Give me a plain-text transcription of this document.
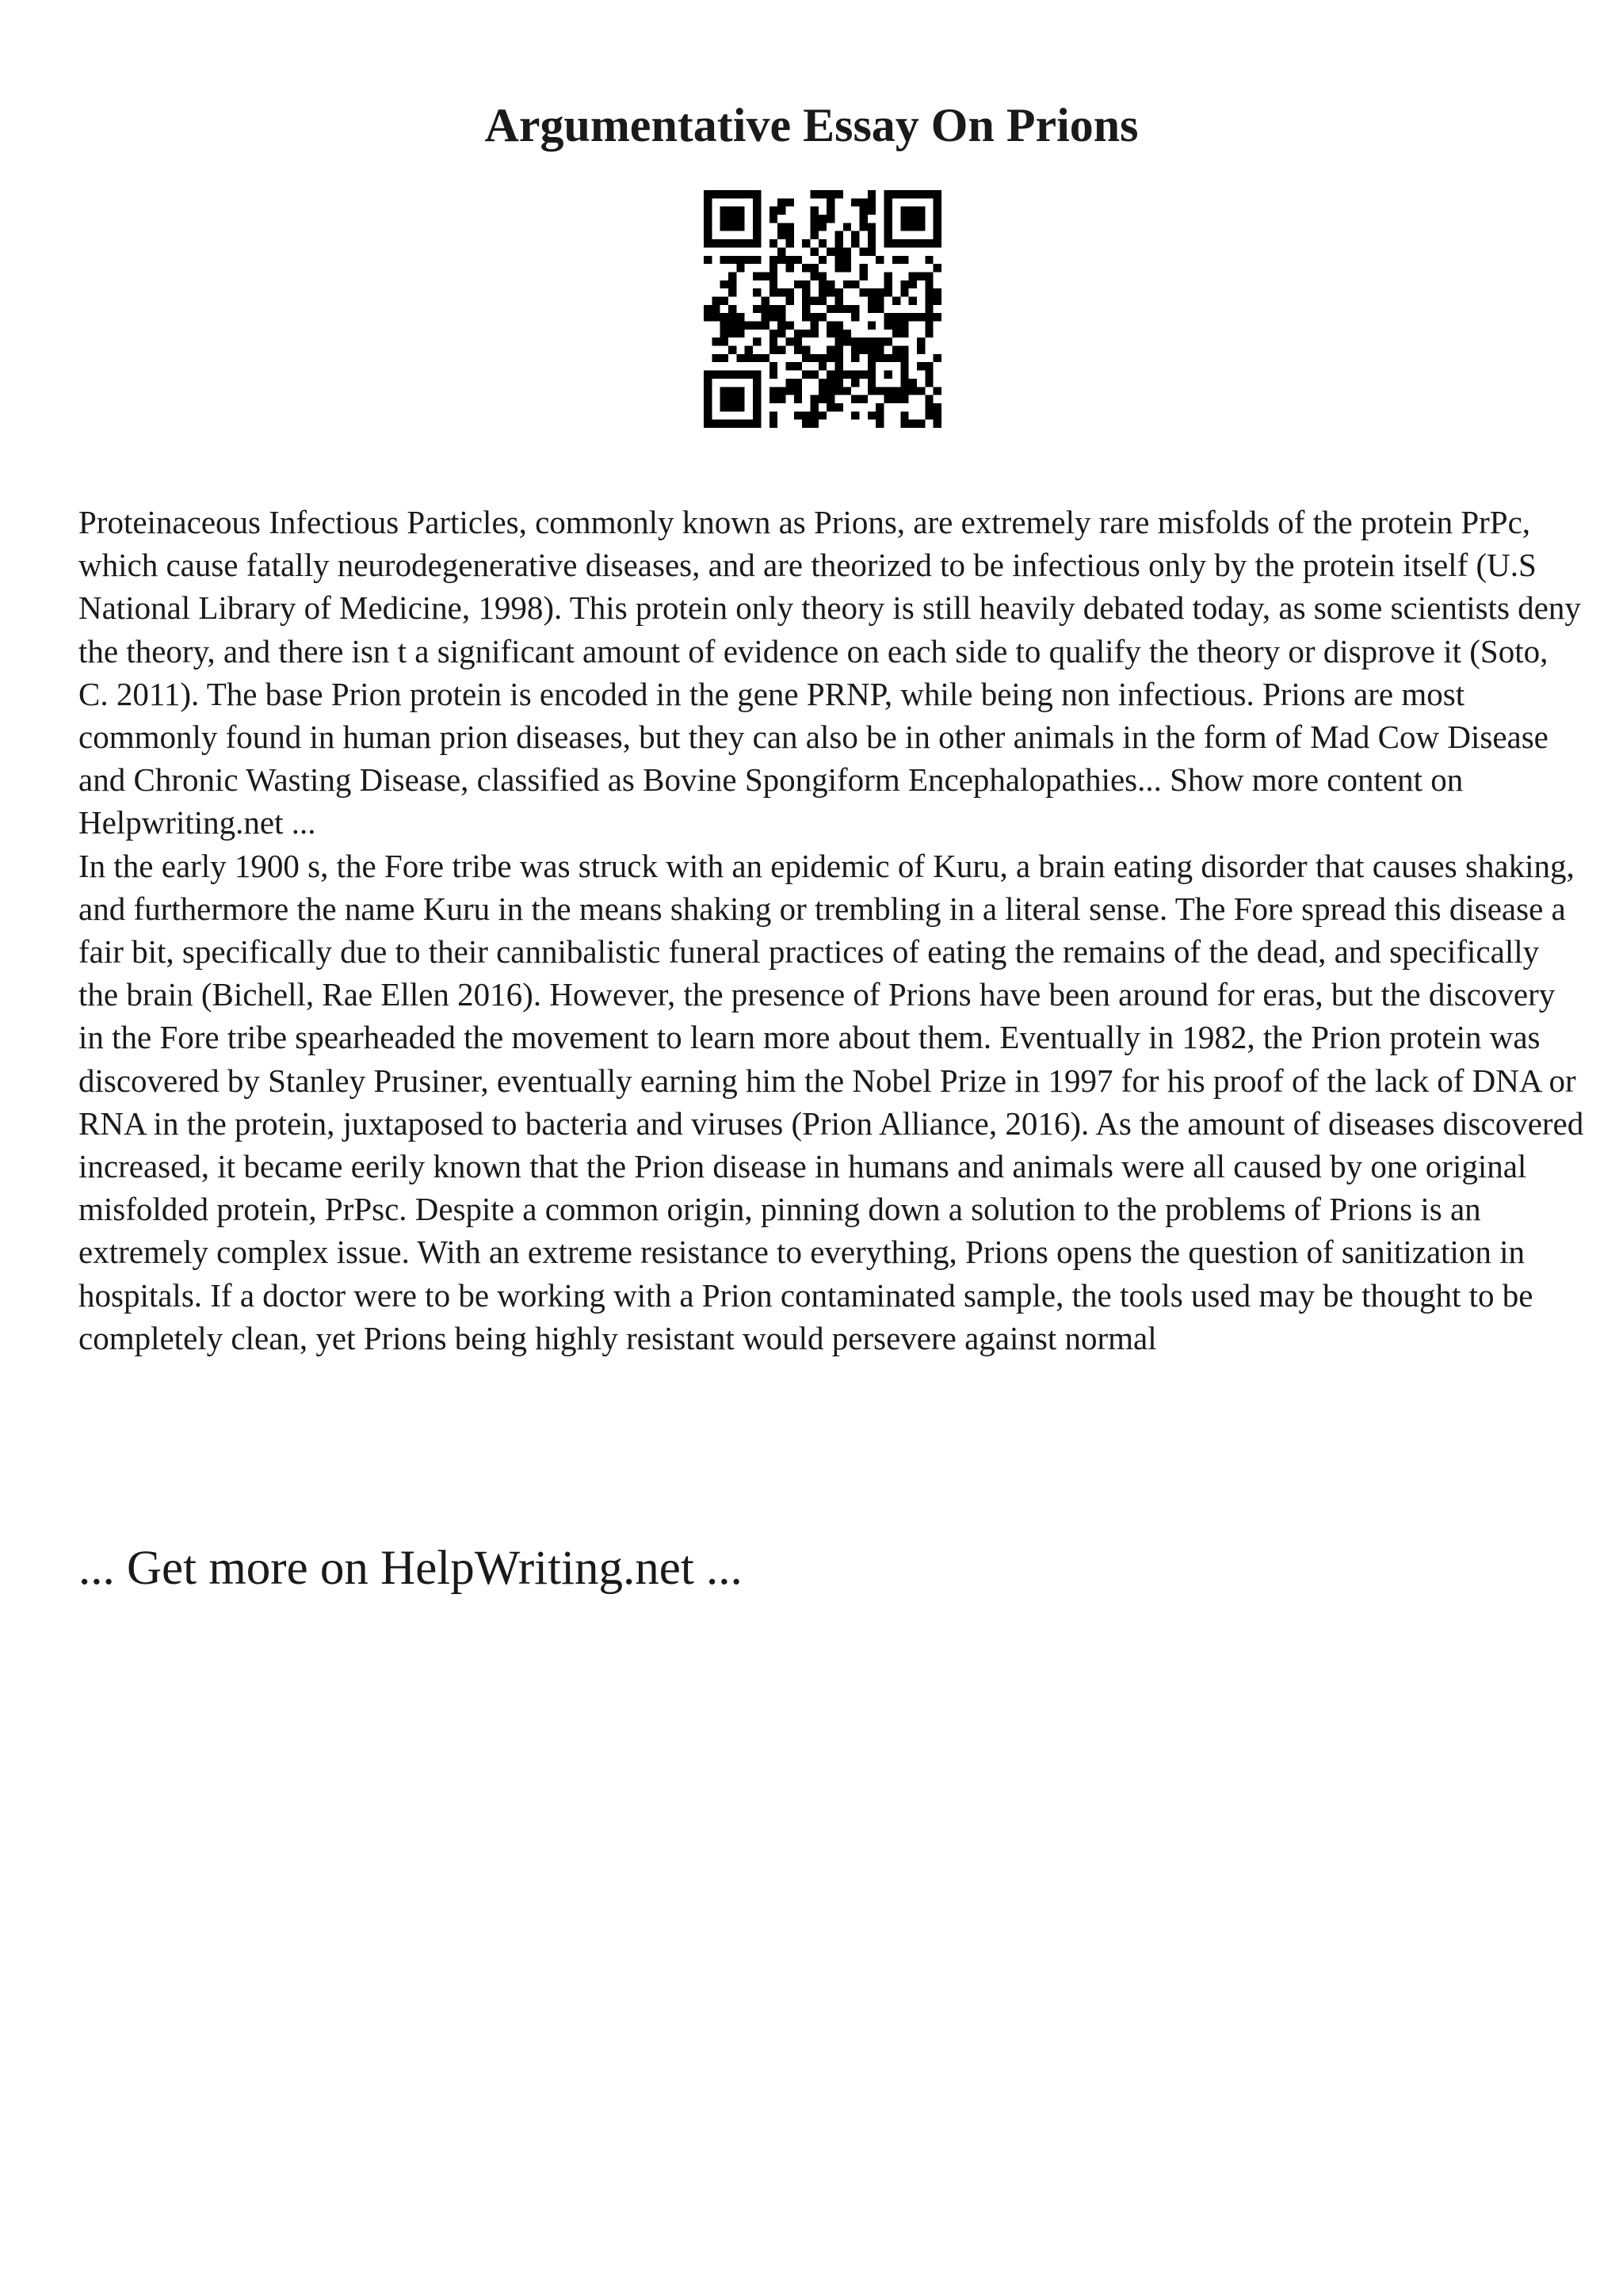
Argumentative Essay On Prions

Proteinaceous Infectious Particles, commonly known as Prions, are extremely rare misfolds of the protein PrPc, which cause fatally neurodegenerative diseases, and are theorized to be infectious only by the protein itself (U.S National Library of Medicine, 1998). This protein only theory is still heavily debated today, as some scientists deny the theory, and there isn t a significant amount of evidence on each side to qualify the theory or disprove it (Soto, C. 2011). The base Prion protein is encoded in the gene PRNP, while being non infectious. Prions are most commonly found in human prion diseases, but they can also be in other animals in the form of Mad Cow Disease and Chronic Wasting Disease, classified as Bovine Spongiform Encephalopathies... Show more content on Helpwriting.net ...

In the early 1900 s, the Fore tribe was struck with an epidemic of Kuru, a brain eating disorder that causes shaking, and furthermore the name Kuru in the means shaking or trembling in a literal sense. The Fore spread this disease a fair bit, specifically due to their cannibalistic funeral practices of eating the remains of the dead, and specifically the brain (Bichell, Rae Ellen 2016). However, the presence of Prions have been around for eras, but the discovery in the Fore tribe spearheaded the movement to learn more about them. Eventually in 1982, the Prion protein was discovered by Stanley Prusiner, eventually earning him the Nobel Prize in 1997 for his proof of the lack of DNA or RNA in the protein, juxtaposed to bacteria and viruses (Prion Alliance, 2016). As the amount of diseases discovered increased, it became eerily known that the Prion disease in humans and animals were all caused by one original misfolded protein, PrPsc. Despite a common origin, pinning down a solution to the problems of Prions is an extremely complex issue. With an extreme resistance to everything, Prions opens the question of sanitization in hospitals. If a doctor were to be working with a Prion contaminated sample, the tools used may be thought to be completely clean, yet Prions being highly resistant would persevere against normal

... Get more on HelpWriting.net ...
